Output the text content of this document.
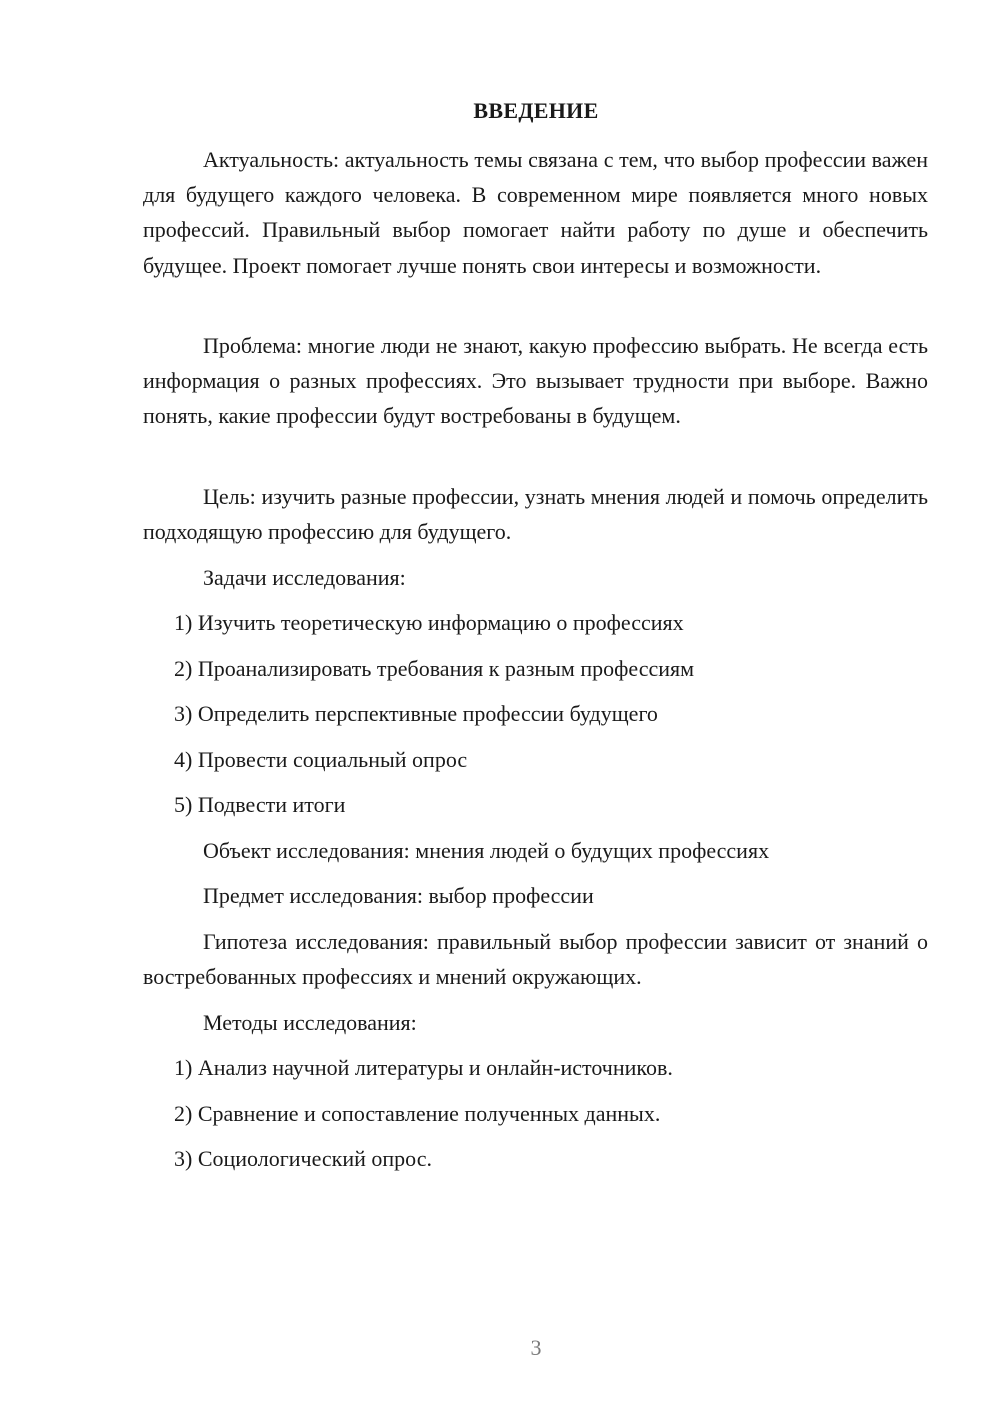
ВВЕДЕНИЕ

Актуальность: актуальность темы связана с тем, что выбор профессии важен для будущего каждого человека. В современном мире появляется много новых профессий. Правильный выбор помогает найти работу по душе и обеспечить будущее. Проект помогает лучше понять свои интересы и возможности.

Проблема: многие люди не знают, какую профессию выбрать. Не всегда есть информация о разных профессиях. Это вызывает трудности при выборе. Важно понять, какие профессии будут востребованы в будущем.

Цель: изучить разные профессии, узнать мнения людей и помочь определить подходящую профессию для будущего.

Задачи исследования:

1) Изучить теоретическую информацию о профессиях

2) Проанализировать требования к разным профессиям

3) Определить перспективные профессии будущего

4) Провести социальный опрос

5) Подвести итоги

Объект исследования: мнения людей о будущих профессиях

Предмет исследования: выбор профессии

Гипотеза исследования: правильный выбор профессии зависит от знаний о востребованных профессиях и мнений окружающих.

Методы исследования:

1) Анализ научной литературы и онлайн-источников.

2) Сравнение и сопоставление полученных данных.

3) Социологический опрос.

3
